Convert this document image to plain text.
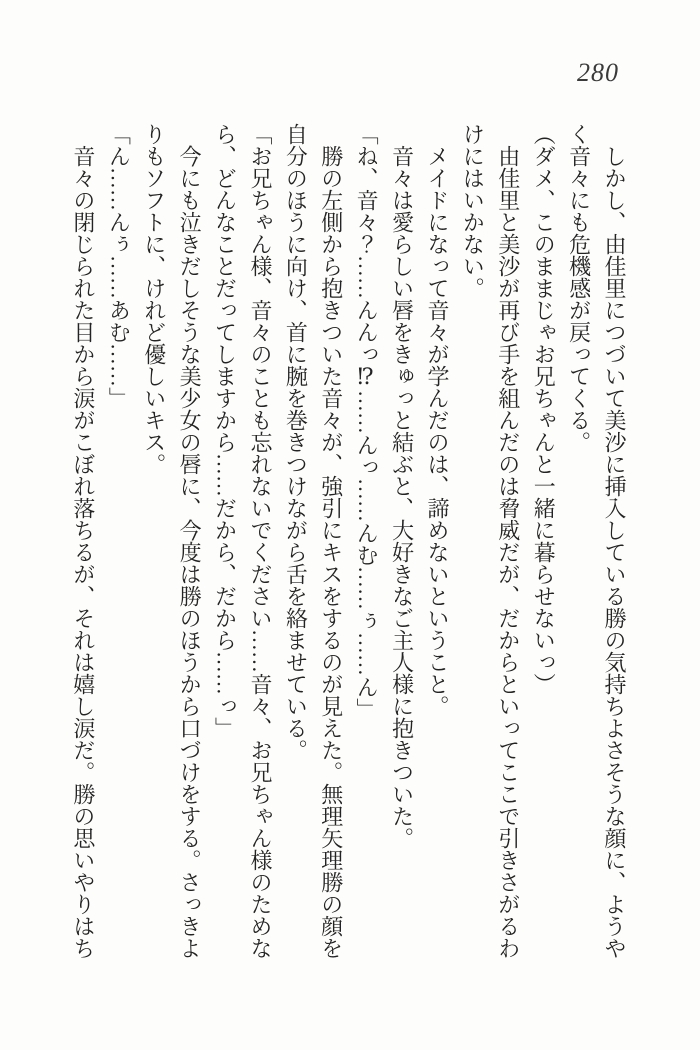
280

しかし、由佳里につづいて美沙に挿入している勝の気持ちよさそうな顔に、ようやく音々にも危機感が戻ってくる。

（ダメ、このままじゃお兄ちゃんと一緒に暮らせないっ）

由佳里と美沙が再び手を組んだのは脅威だが、だからといってここで引きさがるわけにはいかない。

メイドになって音々が学んだのは、諦めないということ。

音々は愛らしい唇をきゅっと結ぶと、大好きなご主人様に抱きついた。

「ね、音々？……んんっ⁉……んっ……んむ……ぅ……ん」

勝の左側から抱きついた音々が、強引にキスをするのが見えた。無理矢理勝の顔を自分のほうに向け、首に腕を巻きつけながら舌を絡ませている。

「お兄ちゃん様、音々のことも忘れないでください……音々、お兄ちゃん様のためなら、どんなことだってしますから……だから、だから……っ」

今にも泣きだしそうな美少女の唇に、今度は勝のほうから口づけをする。さっきよりもソフトに、けれど優しいキス。

「ん……んぅ……あむ……」

音々の閉じられた目から涙がこぼれ落ちるが、それは嬉し涙だ。勝の思いやりはち
